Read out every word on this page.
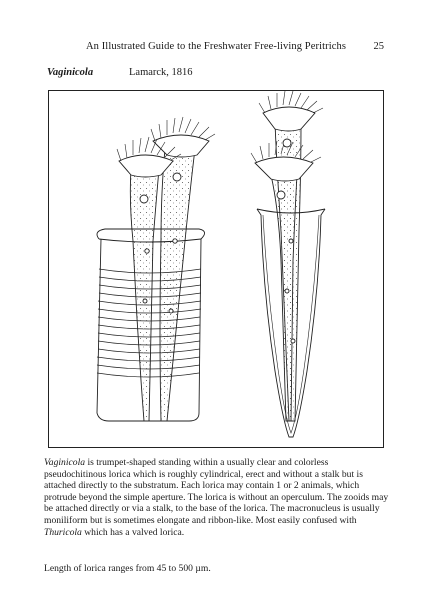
An Illustrated Guide to the Freshwater Free-living Peritrichs	25
Vaginicola	Lamarck, 1816
Vaginicola is trumpet-shaped standing within a usually clear and colorless pseudochitinous lorica which is roughly cylindrical, erect and without a stalk but is attached directly to the substratum. Each lorica may contain 1 or 2 animals, which protrude beyond the simple aperture. The lorica is without an operculum. The zooids may be attached directly or via a stalk, to the base of the lorica. The macronucleus is usually moniliform but is sometimes elongate and ribbon-like. Most easily confused with Thuricola which has a valved lorica.
Length of lorica ranges from 45 to 500 µm.
